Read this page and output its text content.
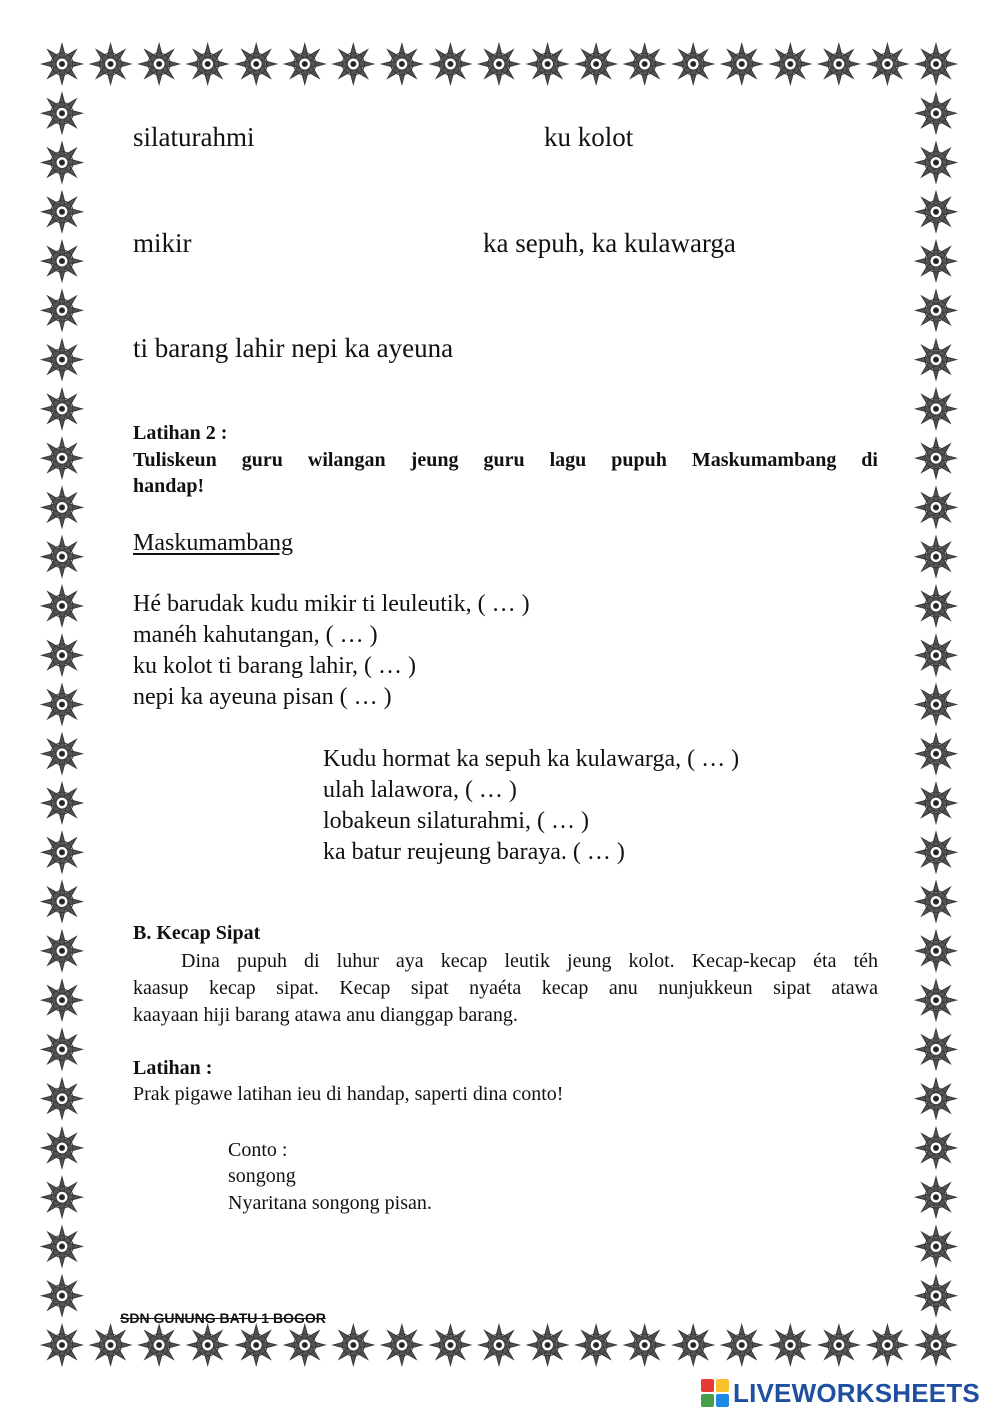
silaturahmi	ku kolot
mikir	ka sepuh, ka kulawarga
ti barang lahir nepi ka ayeuna
Latihan 2 :
Tuliskeun guru wilangan jeung guru lagu pupuh Maskumambang di
handap!
Maskumambang
Hé barudak kudu mikir ti leuleutik, ( … )
manéh kahutangan, ( … )
ku kolot ti barang lahir, ( … )
nepi ka ayeuna pisan ( … )
Kudu hormat ka sepuh ka kulawarga, ( … )
ulah lalawora, ( … )
lobakeun silaturahmi, ( … )
ka batur reujeung baraya. ( … )
B. Kecap Sipat
Dina pupuh di luhur aya kecap leutik jeung kolot. Kecap-kecap éta téh
kaasup kecap sipat. Kecap sipat nyaéta kecap anu nunjukkeun sipat atawa
kaayaan hiji barang atawa anu dianggap barang.
Latihan :
Prak pigawe latihan ieu di handap, saperti dina conto!
Conto :
songong
Nyaritana songong pisan.
SDN GUNUNG BATU 1 BOGOR
LIVEWORKSHEETS
